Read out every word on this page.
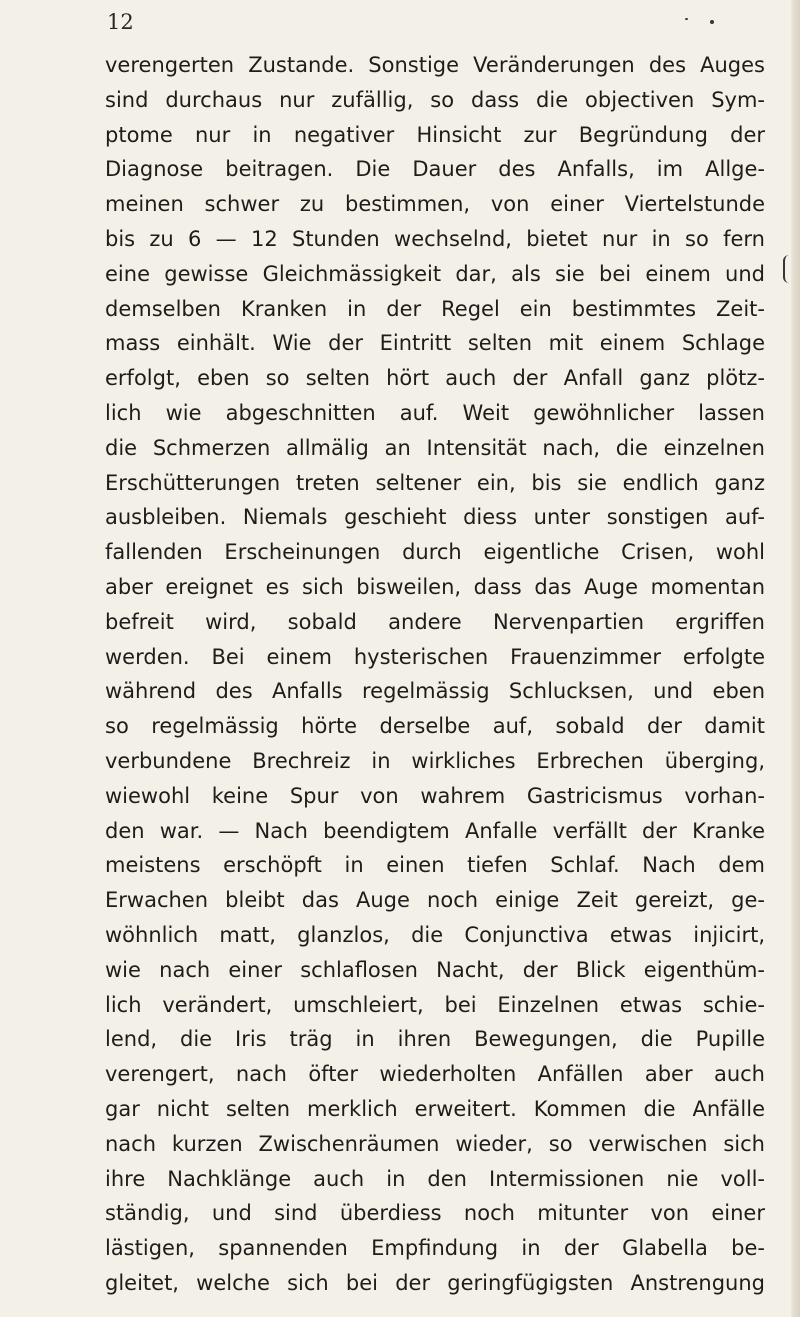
12
verengerten Zustande. Sonstige Veränderungen des Auges
sind durchaus nur zufällig, so dass die objectiven Sym-
ptome nur in negativer Hinsicht zur Begründung der
Diagnose beitragen. Die Dauer des Anfalls, im Allge-
meinen schwer zu bestimmen, von einer Viertelstunde
bis zu 6 — 12 Stunden wechselnd, bietet nur in so fern
eine gewisse Gleichmässigkeit dar, als sie bei einem und
demselben Kranken in der Regel ein bestimmtes Zeit-
mass einhält. Wie der Eintritt selten mit einem Schlage
erfolgt, eben so selten hört auch der Anfall ganz plötz-
lich wie abgeschnitten auf. Weit gewöhnlicher lassen
die Schmerzen allmälig an Intensität nach, die einzelnen
Erschütterungen treten seltener ein, bis sie endlich ganz
ausbleiben. Niemals geschieht diess unter sonstigen auf-
fallenden Erscheinungen durch eigentliche Crisen, wohl
aber ereignet es sich bisweilen, dass das Auge momentan
befreit wird, sobald andere Nervenpartien ergriffen
werden. Bei einem hysterischen Frauenzimmer erfolgte
während des Anfalls regelmässig Schlucksen, und eben
so regelmässig hörte derselbe auf, sobald der damit
verbundene Brechreiz in wirkliches Erbrechen überging,
wiewohl keine Spur von wahrem Gastricismus vorhan-
den war. — Nach beendigtem Anfalle verfällt der Kranke
meistens erschöpft in einen tiefen Schlaf. Nach dem
Erwachen bleibt das Auge noch einige Zeit gereizt, ge-
wöhnlich matt, glanzlos, die Conjunctiva etwas injicirt,
wie nach einer schlaflosen Nacht, der Blick eigenthüm-
lich verändert, umschleiert, bei Einzelnen etwas schie-
lend, die Iris träg in ihren Bewegungen, die Pupille
verengert, nach öfter wiederholten Anfällen aber auch
gar nicht selten merklich erweitert. Kommen die Anfälle
nach kurzen Zwischenräumen wieder, so verwischen sich
ihre Nachklänge auch in den Intermissionen nie voll-
ständig, und sind überdiess noch mitunter von einer
lästigen, spannenden Empfindung in der Glabella be-
gleitet, welche sich bei der geringfügigsten Anstrengung
